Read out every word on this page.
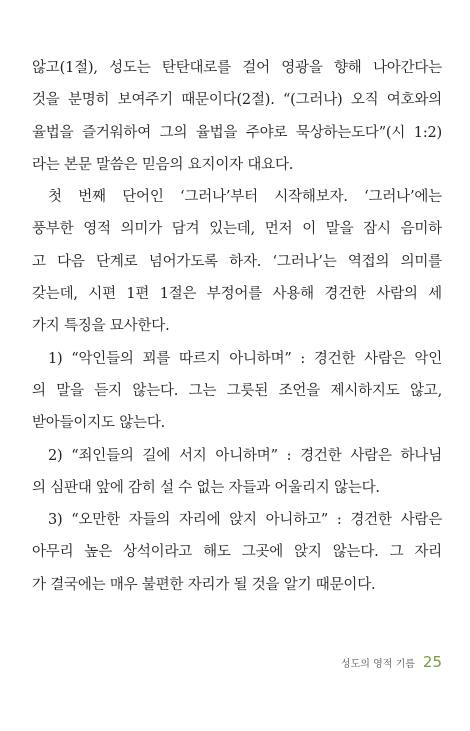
않고(1절), 성도는 탄탄대로를 걸어 영광을 향해 나아간다는
것을 분명히 보여주기 때문이다(2절). “(그러나) 오직 여호와의
율법을 즐거워하여 그의 율법을 주야로 묵상하는도다”(시 1:2)
라는 본문 말씀은 믿음의 요지이자 대요다.
첫 번째 단어인 ‘그러나’부터 시작해보자. ‘그러나’에는
풍부한 영적 의미가 담겨 있는데, 먼저 이 말을 잠시 음미하
고 다음 단계로 넘어가도록 하자. ‘그러나’는 역접의 의미를
갖는데, 시편 1편 1절은 부정어를 사용해 경건한 사람의 세
가지 특징을 묘사한다.
1) “악인들의 꾀를 따르지 아니하며” : 경건한 사람은 악인
의 말을 듣지 않는다. 그는 그릇된 조언을 제시하지도 않고,
받아들이지도 않는다.
2) “죄인들의 길에 서지 아니하며” : 경건한 사람은 하나님
의 심판대 앞에 감히 설 수 없는 자들과 어울리지 않는다.
3) “오만한 자들의 자리에 앉지 아니하고” : 경건한 사람은
아무리 높은 상석이라고 해도 그곳에 앉지 않는다. 그 자리
가 결국에는 매우 불편한 자리가 될 것을 알기 때문이다.
성도의 영적 기름 25
